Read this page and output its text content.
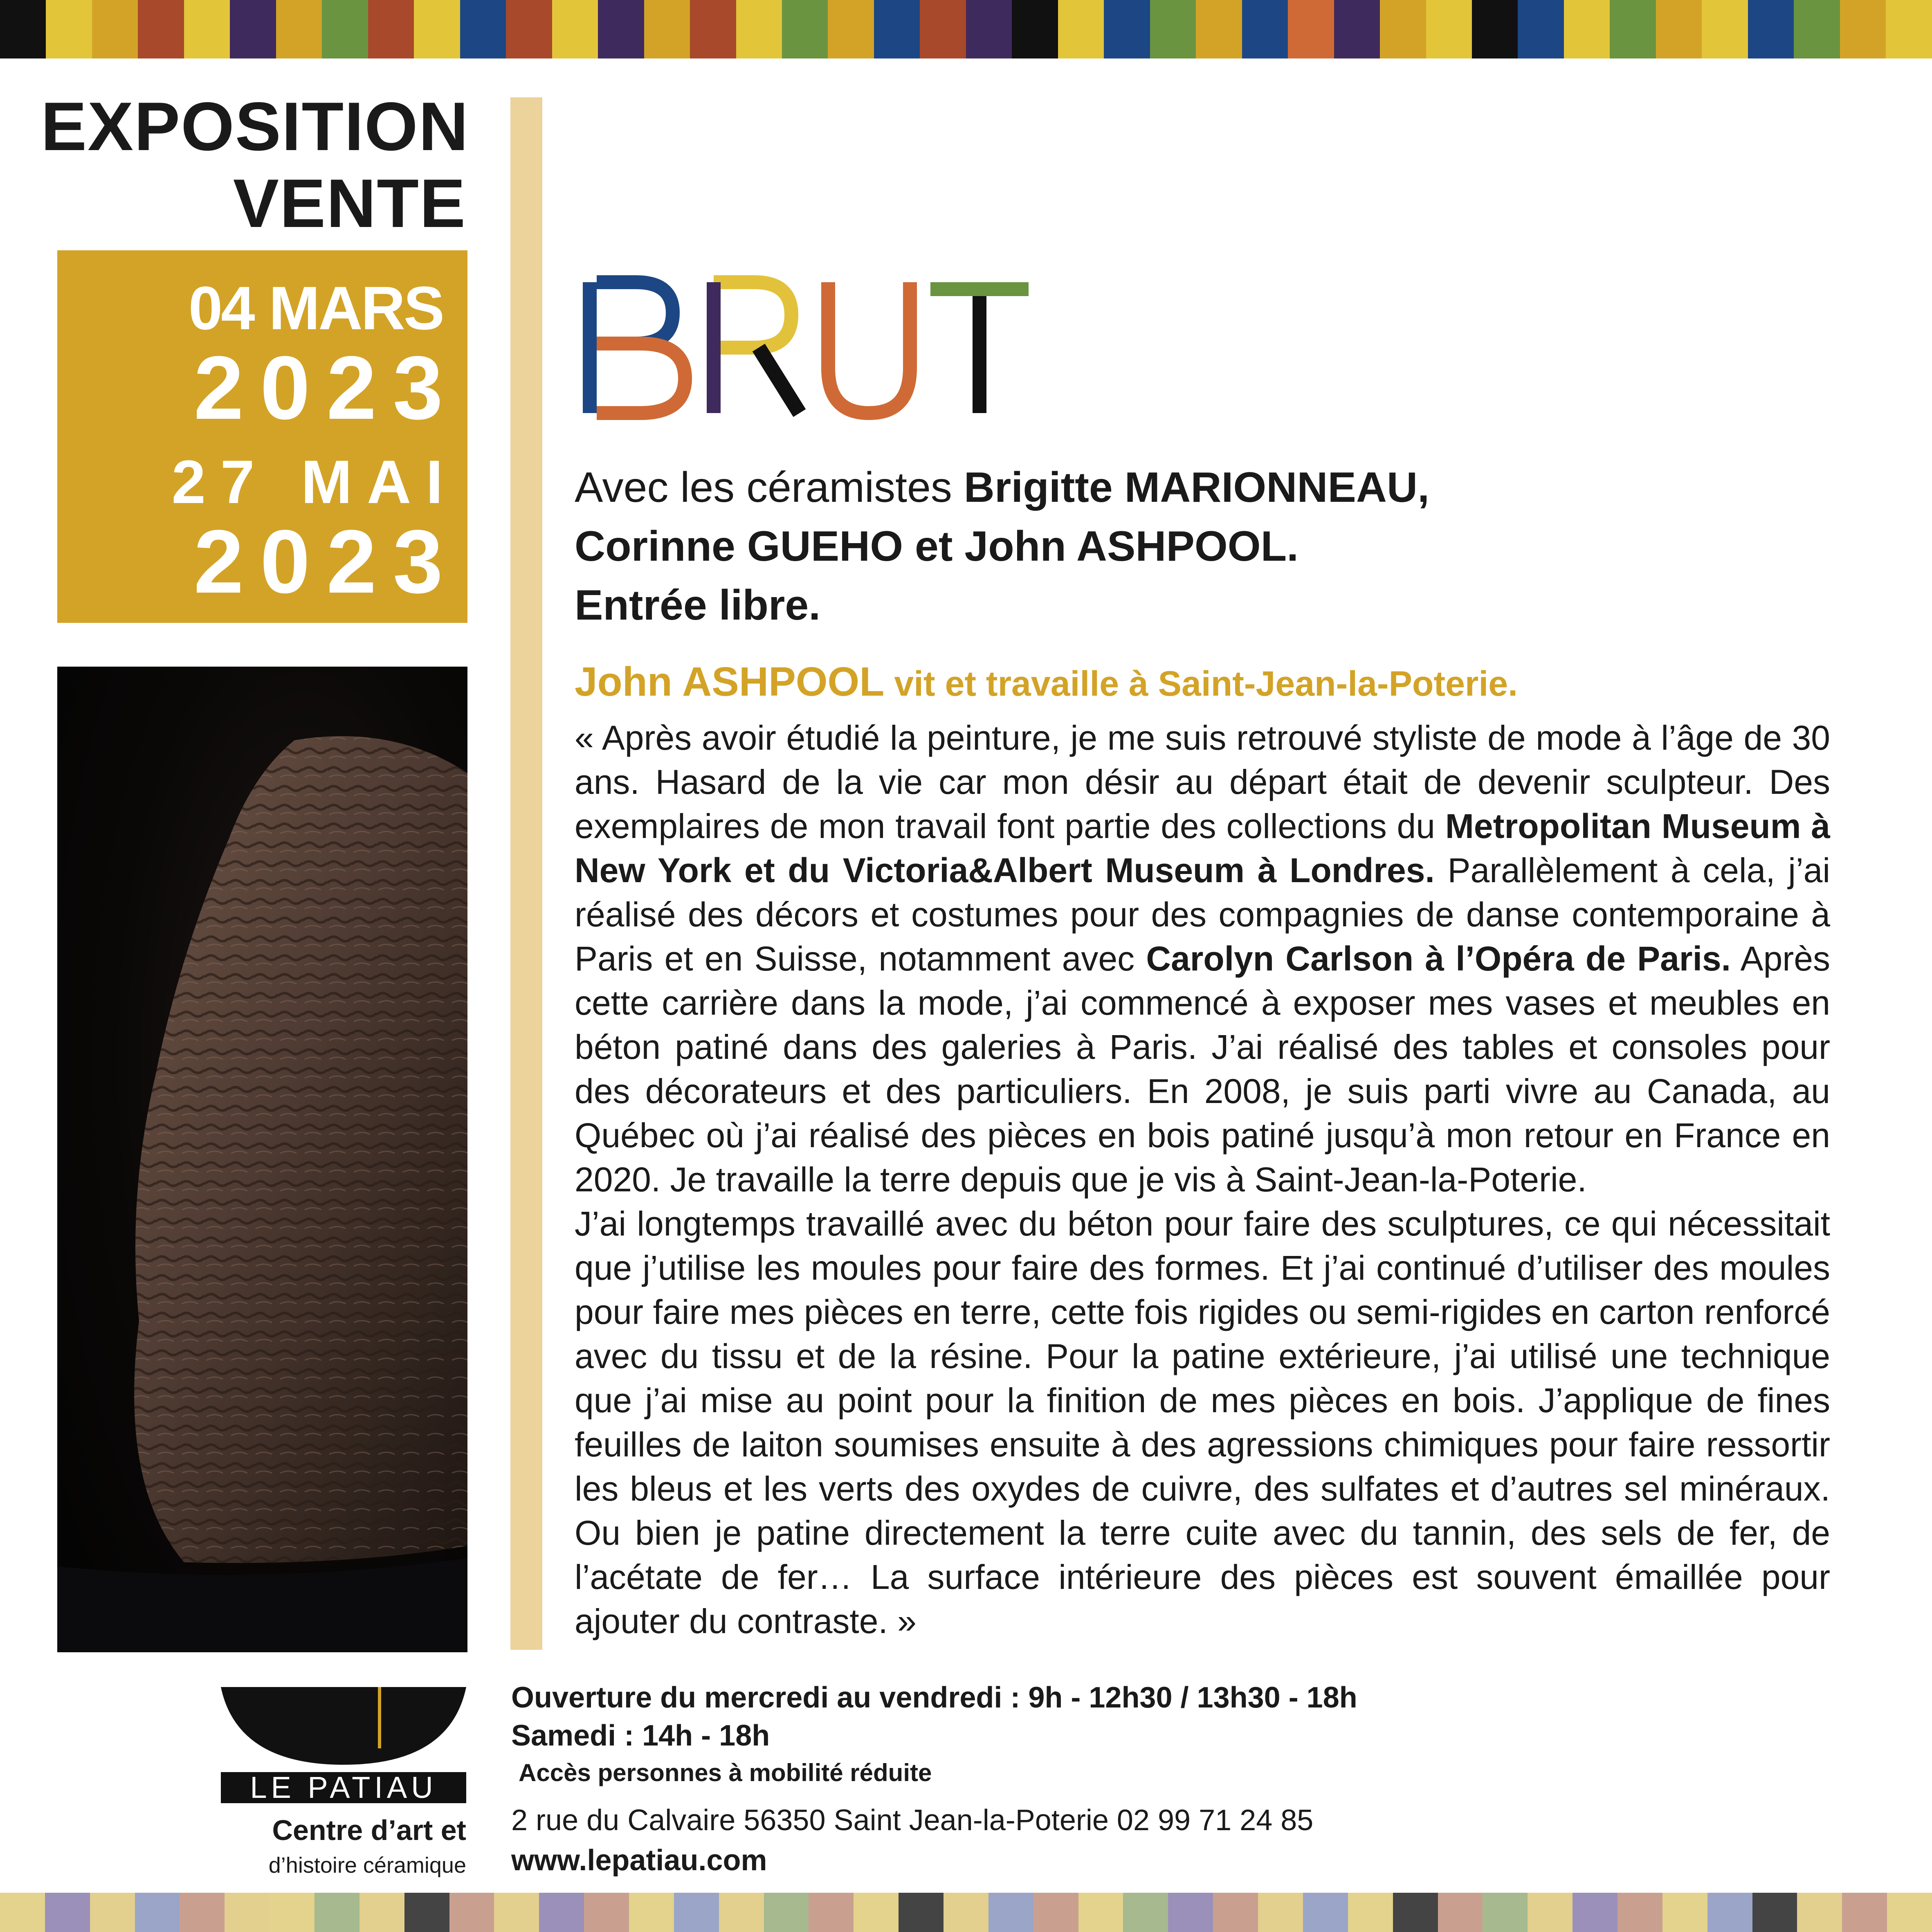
EXPOSITION
VENTE
04 MARS
2023
27 MAI
2023
Avec les céramistes Brigitte MARIONNEAU,
Corinne GUEHO et John ASHPOOL.
Entrée libre.
John ASHPOOL vit et travaille à Saint-Jean-la-Poterie.

« Après avoir étudié la peinture, je me suis retrouvé styliste de mode à l’âge de 30 ans. Hasard de la vie car mon désir au départ était de devenir sculpteur. Des exemplaires de mon travail font partie des collections du Metropolitan Museum à New York et du Victoria&Albert Museum à Londres. Parallèlement à cela, j’ai réalisé des décors et costumes pour des compagnies de danse contemporaine à Paris et en Suisse, notamment avec Carolyn Carlson à l’Opéra de Paris. Après cette carrière dans la mode, j’ai commencé à exposer mes vases et meubles en béton patiné dans des galeries à Paris. J’ai réalisé des tables et consoles pour des décorateurs et des particuliers. En 2008, je suis parti vivre au Canada, au Québec où j’ai réalisé des pièces en bois patiné jusqu’à mon retour en France en 2020. Je travaille la terre depuis que je vis à Saint-Jean-la-Poterie.

J’ai longtemps travaillé avec du béton pour faire des sculptures, ce qui nécessitait que j’utilise les moules pour faire des formes. Et j’ai continué d’utiliser des moules pour faire mes pièces en terre, cette fois rigides ou semi-rigides en carton renforcé avec du tissu et de la résine. Pour la patine extérieure, j’ai utilisé une technique que j’ai mise au point pour la finition de mes pièces en bois. J’applique de fines feuilles de laiton soumises ensuite à des agressions chimiques pour faire ressortir les bleus et les verts des oxydes de cuivre, des sulfates et d’autres sel minéraux. Ou bien je patine directement la terre cuite avec du tannin, des sels de fer, de l’acétate de fer… La surface intérieure des pièces est souvent émaillée pour ajouter du contraste. »

LE PATIAU
Centre d’art et
d’histoire céramique
Ouverture du mercredi au vendredi : 9h - 12h30 / 13h30 - 18h
Samedi : 14h - 18h
Accès personnes à mobilité réduite
2 rue du Calvaire 56350 Saint Jean-la-Poterie 02 99 71 24 85
www.lepatiau.com
